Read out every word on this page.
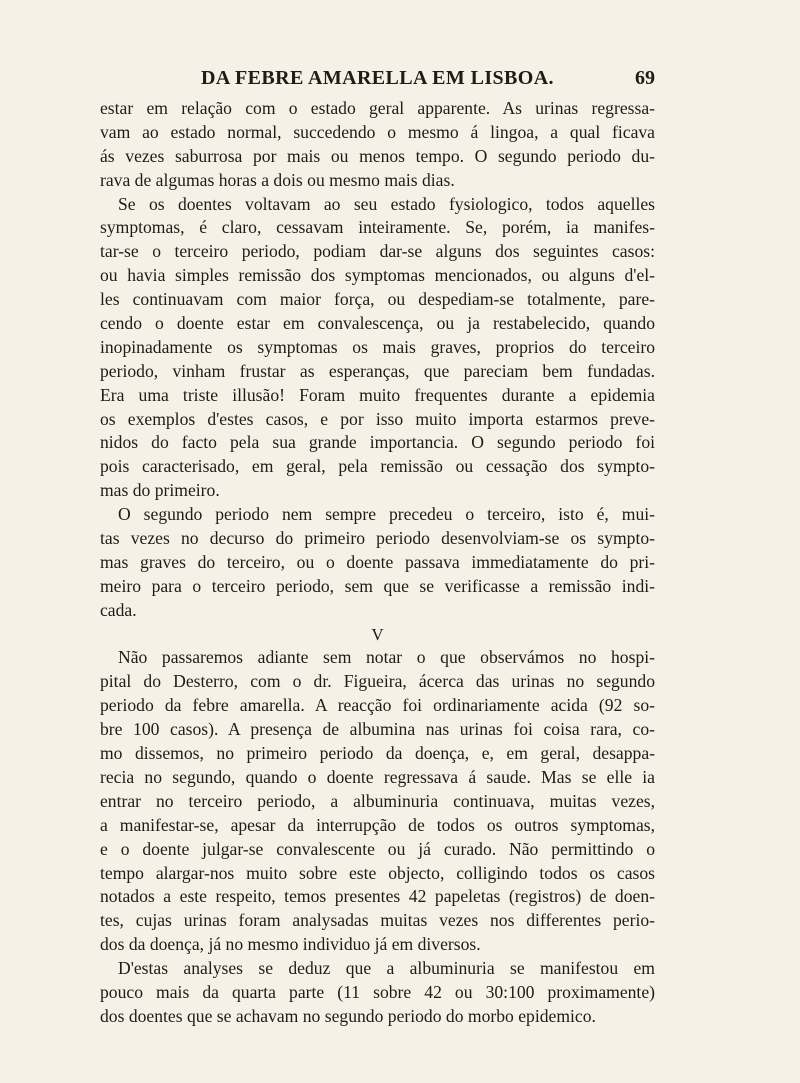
DA FEBRE AMARELLA EM LISBOA.	69
estar em relação com o estado geral apparente. As urinas regressa-
vam ao estado normal, succedendo o mesmo á lingoa, a qual ficava
ás vezes saburrosa por mais ou menos tempo. O segundo periodo du-
rava de algumas horas a dois ou mesmo mais dias.
Se os doentes voltavam ao seu estado fysiologico, todos aquelles
symptomas, é claro, cessavam inteiramente. Se, porém, ia manifes-
tar-se o terceiro periodo, podiam dar-se alguns dos seguintes casos:
ou havia simples remissão dos symptomas mencionados, ou alguns d'el-
les continuavam com maior força, ou despediam-se totalmente, pare-
cendo o doente estar em convalescença, ou ja restabelecido, quando
inopinadamente os symptomas os mais graves, proprios do terceiro
periodo, vinham frustar as esperanças, que pareciam bem fundadas.
Era uma triste illusão! Foram muito frequentes durante a epidemia
os exemplos d'estes casos, e por isso muito importa estarmos preve-
nidos do facto pela sua grande importancia. O segundo periodo foi
pois caracterisado, em geral, pela remissão ou cessação dos sympto-
mas do primeiro.
O segundo periodo nem sempre precedeu o terceiro, isto é, mui-
tas vezes no decurso do primeiro periodo desenvolviam-se os sympto-
mas graves do terceiro, ou o doente passava immediatamente do pri-
meiro para o terceiro periodo, sem que se verificasse a remissão indi-
cada.
V
Não passaremos adiante sem notar o que observámos no hospi-
pital do Desterro, com o dr. Figueira, ácerca das urinas no segundo
periodo da febre amarella. A reacção foi ordinariamente acida (92 so-
bre 100 casos). A presença de albumina nas urinas foi coisa rara, co-
mo dissemos, no primeiro periodo da doença, e, em geral, desappa-
recia no segundo, quando o doente regressava á saude. Mas se elle ia
entrar no terceiro periodo, a albuminuria continuava, muitas vezes,
a manifestar-se, apesar da interrupção de todos os outros symptomas,
e o doente julgar-se convalescente ou já curado. Não permittindo o
tempo alargar-nos muito sobre este objecto, colligindo todos os casos
notados a este respeito, temos presentes 42 papeletas (registros) de doen-
tes, cujas urinas foram analysadas muitas vezes nos differentes perio-
dos da doença, já no mesmo individuo já em diversos.
D'estas analyses se deduz que a albuminuria se manifestou em
pouco mais da quarta parte (11 sobre 42 ou 30:100 proximamente)
dos doentes que se achavam no segundo periodo do morbo epidemico.
